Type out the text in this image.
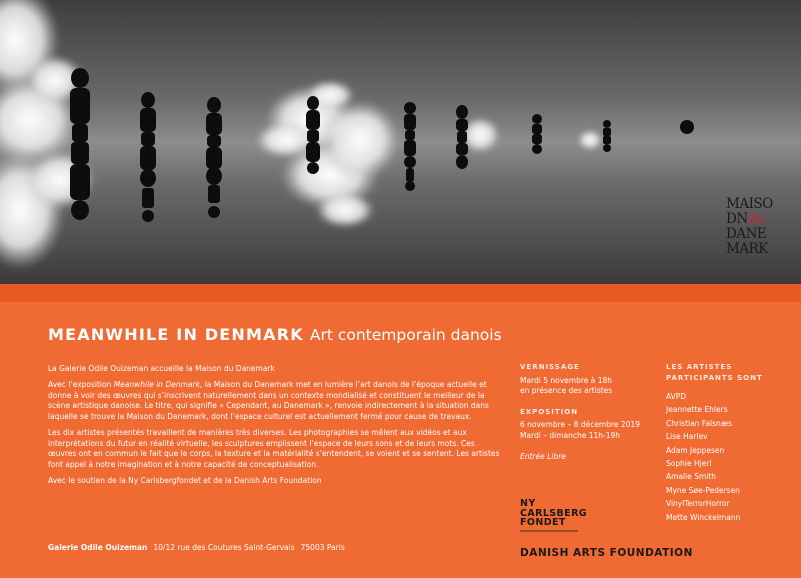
MAISO
DNdu
DANE
MARK
MEANWHILE IN DENMARK Art contemporain danois

La Galerie Odile Ouizeman accueille la Maison du Danemark

Avec l’exposition Meanwhile in Denmark, la Maison du Danemark met en lumière l’art danois de l’époque actuelle et donne à voir des œuvres qui s’inscrivent naturellement dans un contexte mondialisé et constituent le meilleur de la scène artistique danoise. Le titre, qui signifie « Cependant, au Danemark », renvoie indirectement à la situation dans laquelle se trouve la Maison du Danemark, dont l’espace culturel est actuellement fermé pour cause de travaux.

Les dix artistes présentés travaillent de manières très diverses. Les photographies se mêlent aux vidéos et aux interprétations du futur en réalité virtuelle, les sculptures emplissent l’espace de leurs sons et de leurs mots. Ces œuvres ont en commun le fait que le corps, la texture et la matérialité s’entendent, se voient et se sentent. Les artistes font appel à notre imagination et à notre capacité de conceptualisation.

Avec le soutien de la Ny Carlsbergfondet et de la Danish Arts Foundation

Galerie Odile Ouizeman 10/12 rue des Coutures Saint-Gervais 75003 Paris
VERNISSAGE
Mardi 5 novembre à 18h
en présence des artistes
EXPOSITION
6 novembre – 8 décembre 2019
Mardi – dimanche 11h-19h
Entrée Libre
LES ARTISTES
PARTICIPANTS SONT
AVPD
Jeannette Ehlers
Christian Falsnæs
Lise Harlev
Adam Jeppesen
Sophie Hjerl
Amalie Smith
Myne Søe-Pedersen
VinylTerrorHorror
Mette Winckelmann
NY
CARLSBERG
FONDET
DANISH ARTS FOUNDATION
